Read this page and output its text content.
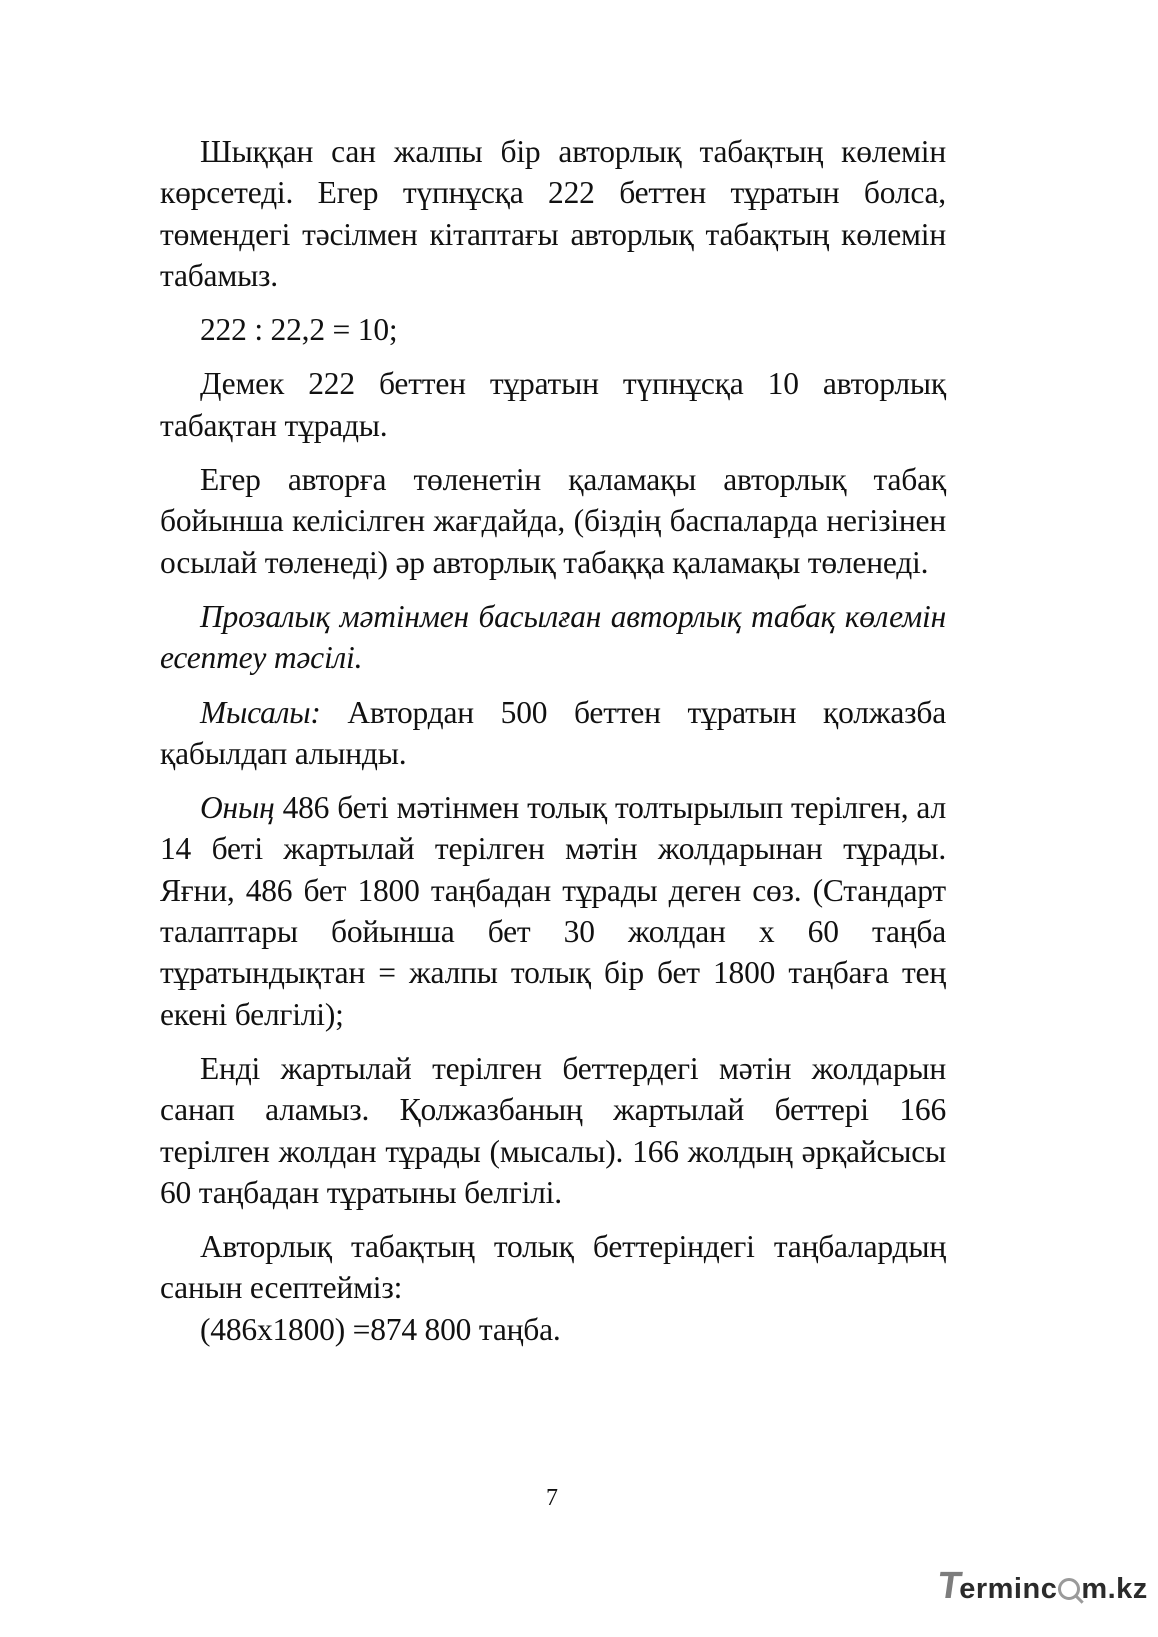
Шыққан сан жалпы бір авторлық табақтың көлемін көрсетеді. Егер түпнұсқа 222 беттен тұратын болса, төмендегі тәсілмен кітаптағы авторлық табақтың көлемін табамыз.

222 : 22,2 = 10;

Демек 222 беттен тұратын түпнұсқа 10 авторлық табақтан тұрады.

Егер авторға төленетін қаламақы авторлық табақ бойынша келісілген жағдайда, (біздің баспаларда негізінен осылай төленеді) әр авторлық табаққа қаламақы төленеді.

Прозалық мәтінмен басылған авторлық табақ көлемін есептеу тәсілі.

Мысалы: Автордан 500 беттен тұратын қолжазба қабылдап алынды.

Оның 486 беті мәтінмен толық толтырылып терілген, ал 14 беті жартылай терілген мәтін жолдарынан тұрады. Яғни, 486 бет 1800 таңбадан тұрады деген сөз. (Стандарт талаптары бойынша бет 30 жолдан х 60 таңба тұратындықтан = жалпы толық бір бет 1800 таңбаға тең екені белгілі);

Енді жартылай терілген беттердегі мәтін жолдарын санап аламыз. Қолжазбаның жартылай беттері 166 терілген жолдан тұрады (мысалы). 166 жолдың әрқайсысы 60 таңбадан тұратыны белгілі.

Авторлық табақтың толық беттеріндегі таңбалардың санын есептейміз:

(486х1800) =874 800 таңба.

7
Terminc m.kz
